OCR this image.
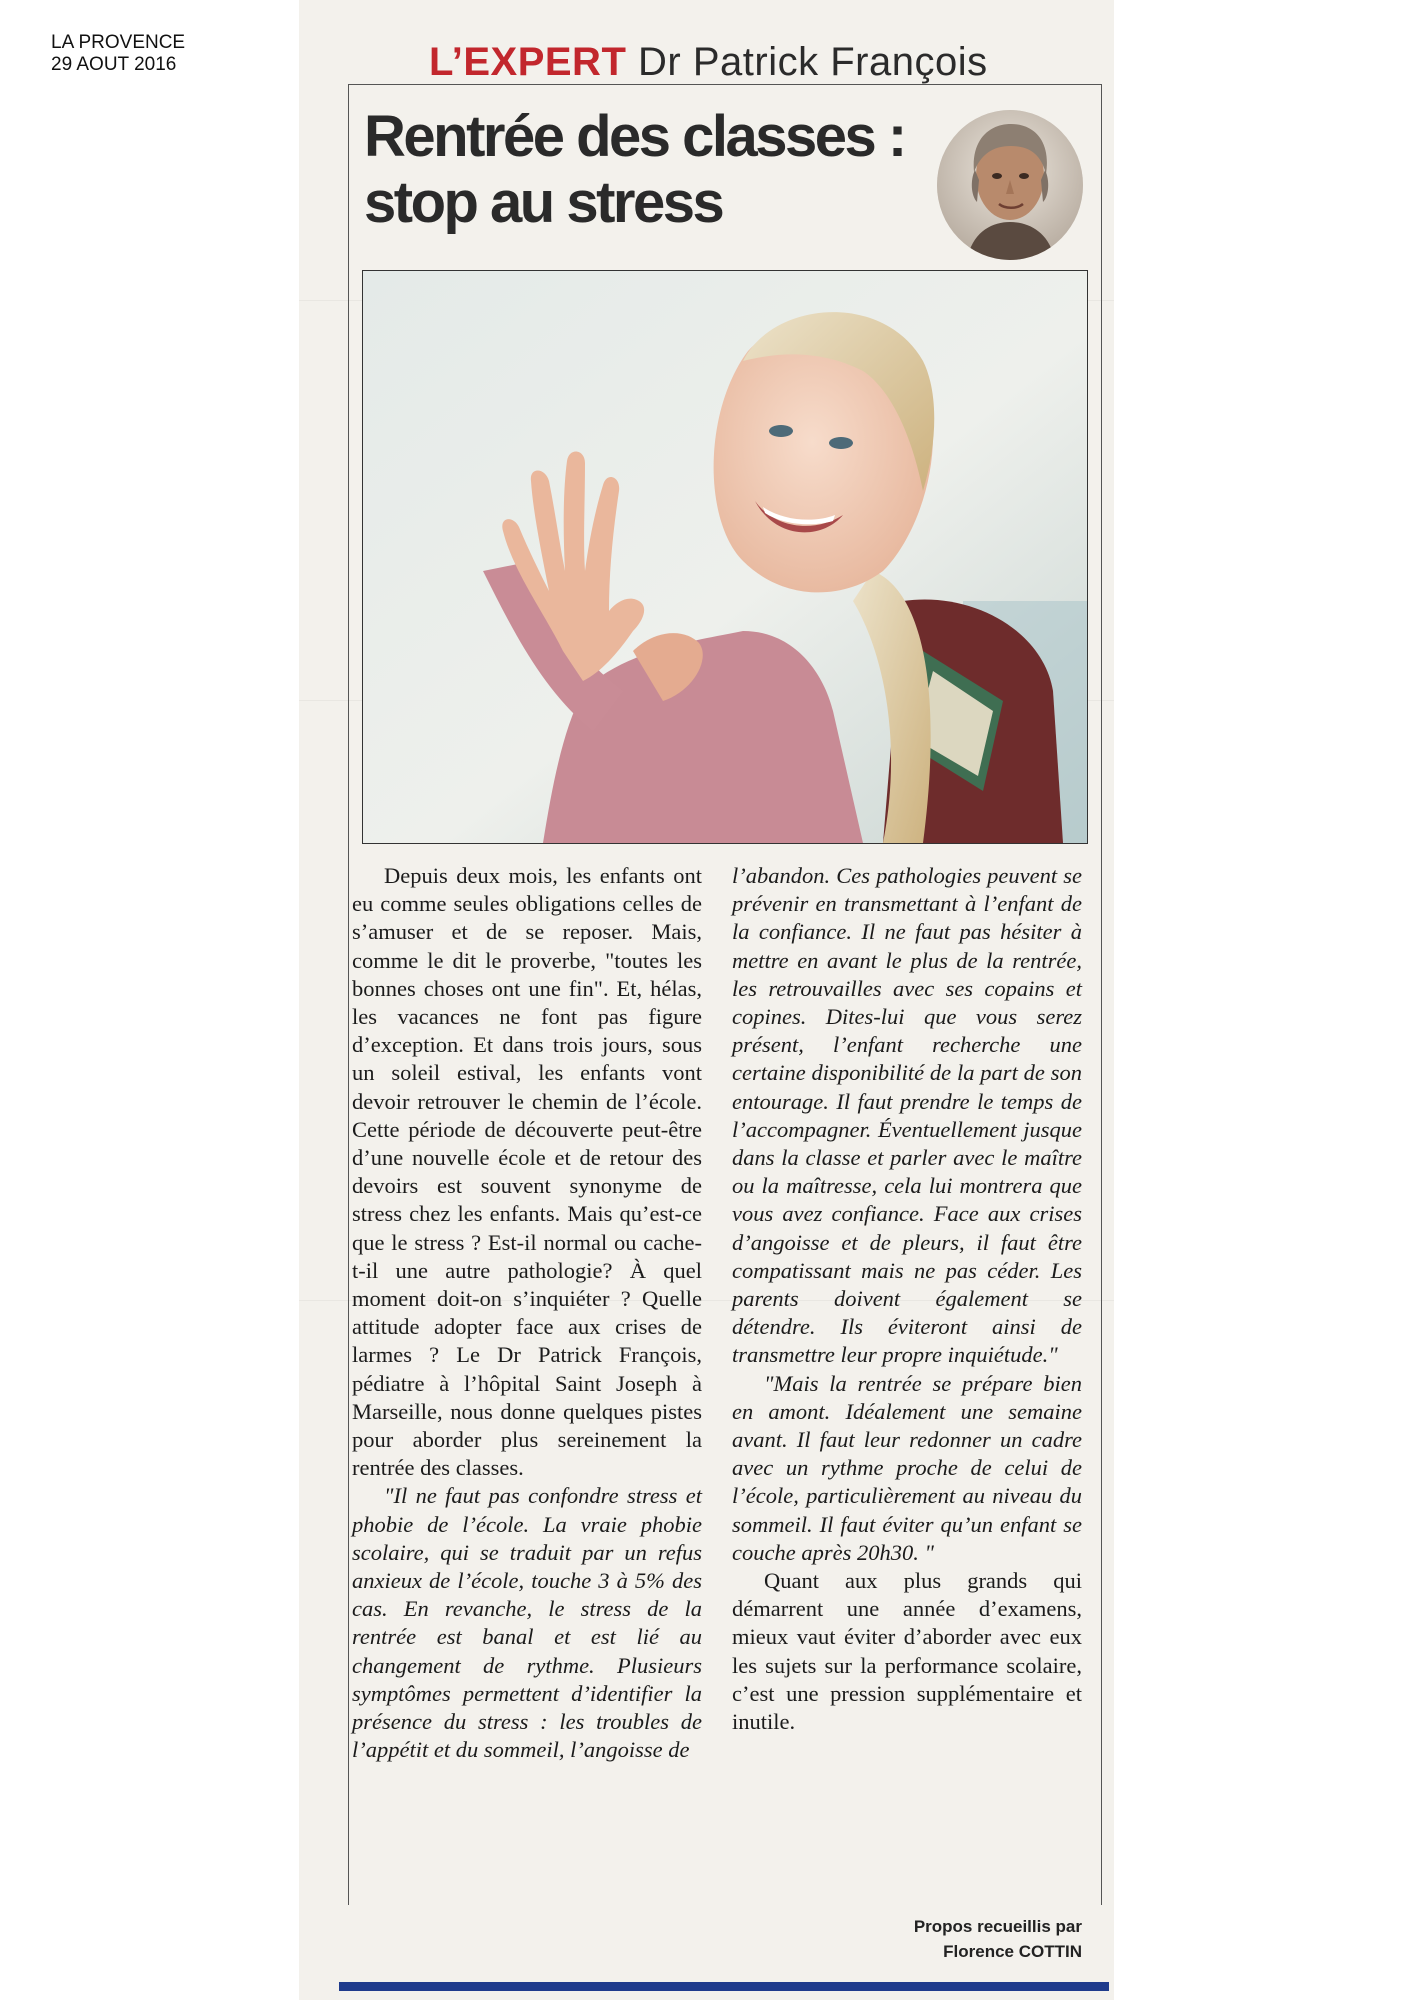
LA PROVENCE
29 AOUT 2016	L’EXPERT Dr Patrick François
Rentrée des classes :
stop au stress

Depuis deux mois, les enfants ont eu comme seules obligations celles de s’amuser et de se reposer. Mais, comme le dit le proverbe, "toutes les bonnes choses ont une fin". Et, hélas, les vacances ne font pas figure d’exception. Et dans trois jours, sous un soleil estival, les enfants vont devoir retrouver le chemin de l’école. Cette période de découverte peut-être d’une nouvelle école et de retour des devoirs est souvent synonyme de stress chez les enfants. Mais qu’est-ce que le stress ? Est-il normal ou cache-t-il une autre pathologie? À quel moment doit-on s’inquiéter ? Quelle attitude adopter face aux crises de larmes ? Le Dr Patrick François, pédiatre à l’hôpital Saint Joseph à Marseille, nous donne quelques pistes pour aborder plus sereinement la rentrée des classes.

"Il ne faut pas confondre stress et phobie de l’école. La vraie phobie scolaire, qui se traduit par un refus anxieux de l’école, touche 3 à 5% des cas. En revanche, le stress de la rentrée est banal et est lié au changement de rythme. Plusieurs symptômes permettent d’identifier la présence du stress : les troubles de l’appétit et du sommeil, l’angoisse de

l’abandon. Ces pathologies peuvent se prévenir en transmettant à l’enfant de la confiance. Il ne faut pas hésiter à mettre en avant le plus de la rentrée, les retrouvailles avec ses copains et copines. Dites-lui que vous serez présent, l’enfant recherche une certaine disponibilité de la part de son entourage. Il faut prendre le temps de l’accompagner. Éventuellement jusque dans la classe et parler avec le maître ou la maîtresse, cela lui montrera que vous avez confiance. Face aux crises d’angoisse et de pleurs, il faut être compatissant mais ne pas céder. Les parents doivent également se détendre. Ils éviteront ainsi de transmettre leur propre inquiétude."

"Mais la rentrée se prépare bien en amont. Idéalement une semaine avant. Il faut leur redonner un cadre avec un rythme proche de celui de l’école, particulièrement au niveau du sommeil. Il faut éviter qu’un enfant se couche après 20h30. "

Quant aux plus grands qui démarrent une année d’examens, mieux vaut éviter d’aborder avec eux les sujets sur la performance scolaire, c’est une pression supplémentaire et inutile.

Propos recueillis par
Florence COTTIN
